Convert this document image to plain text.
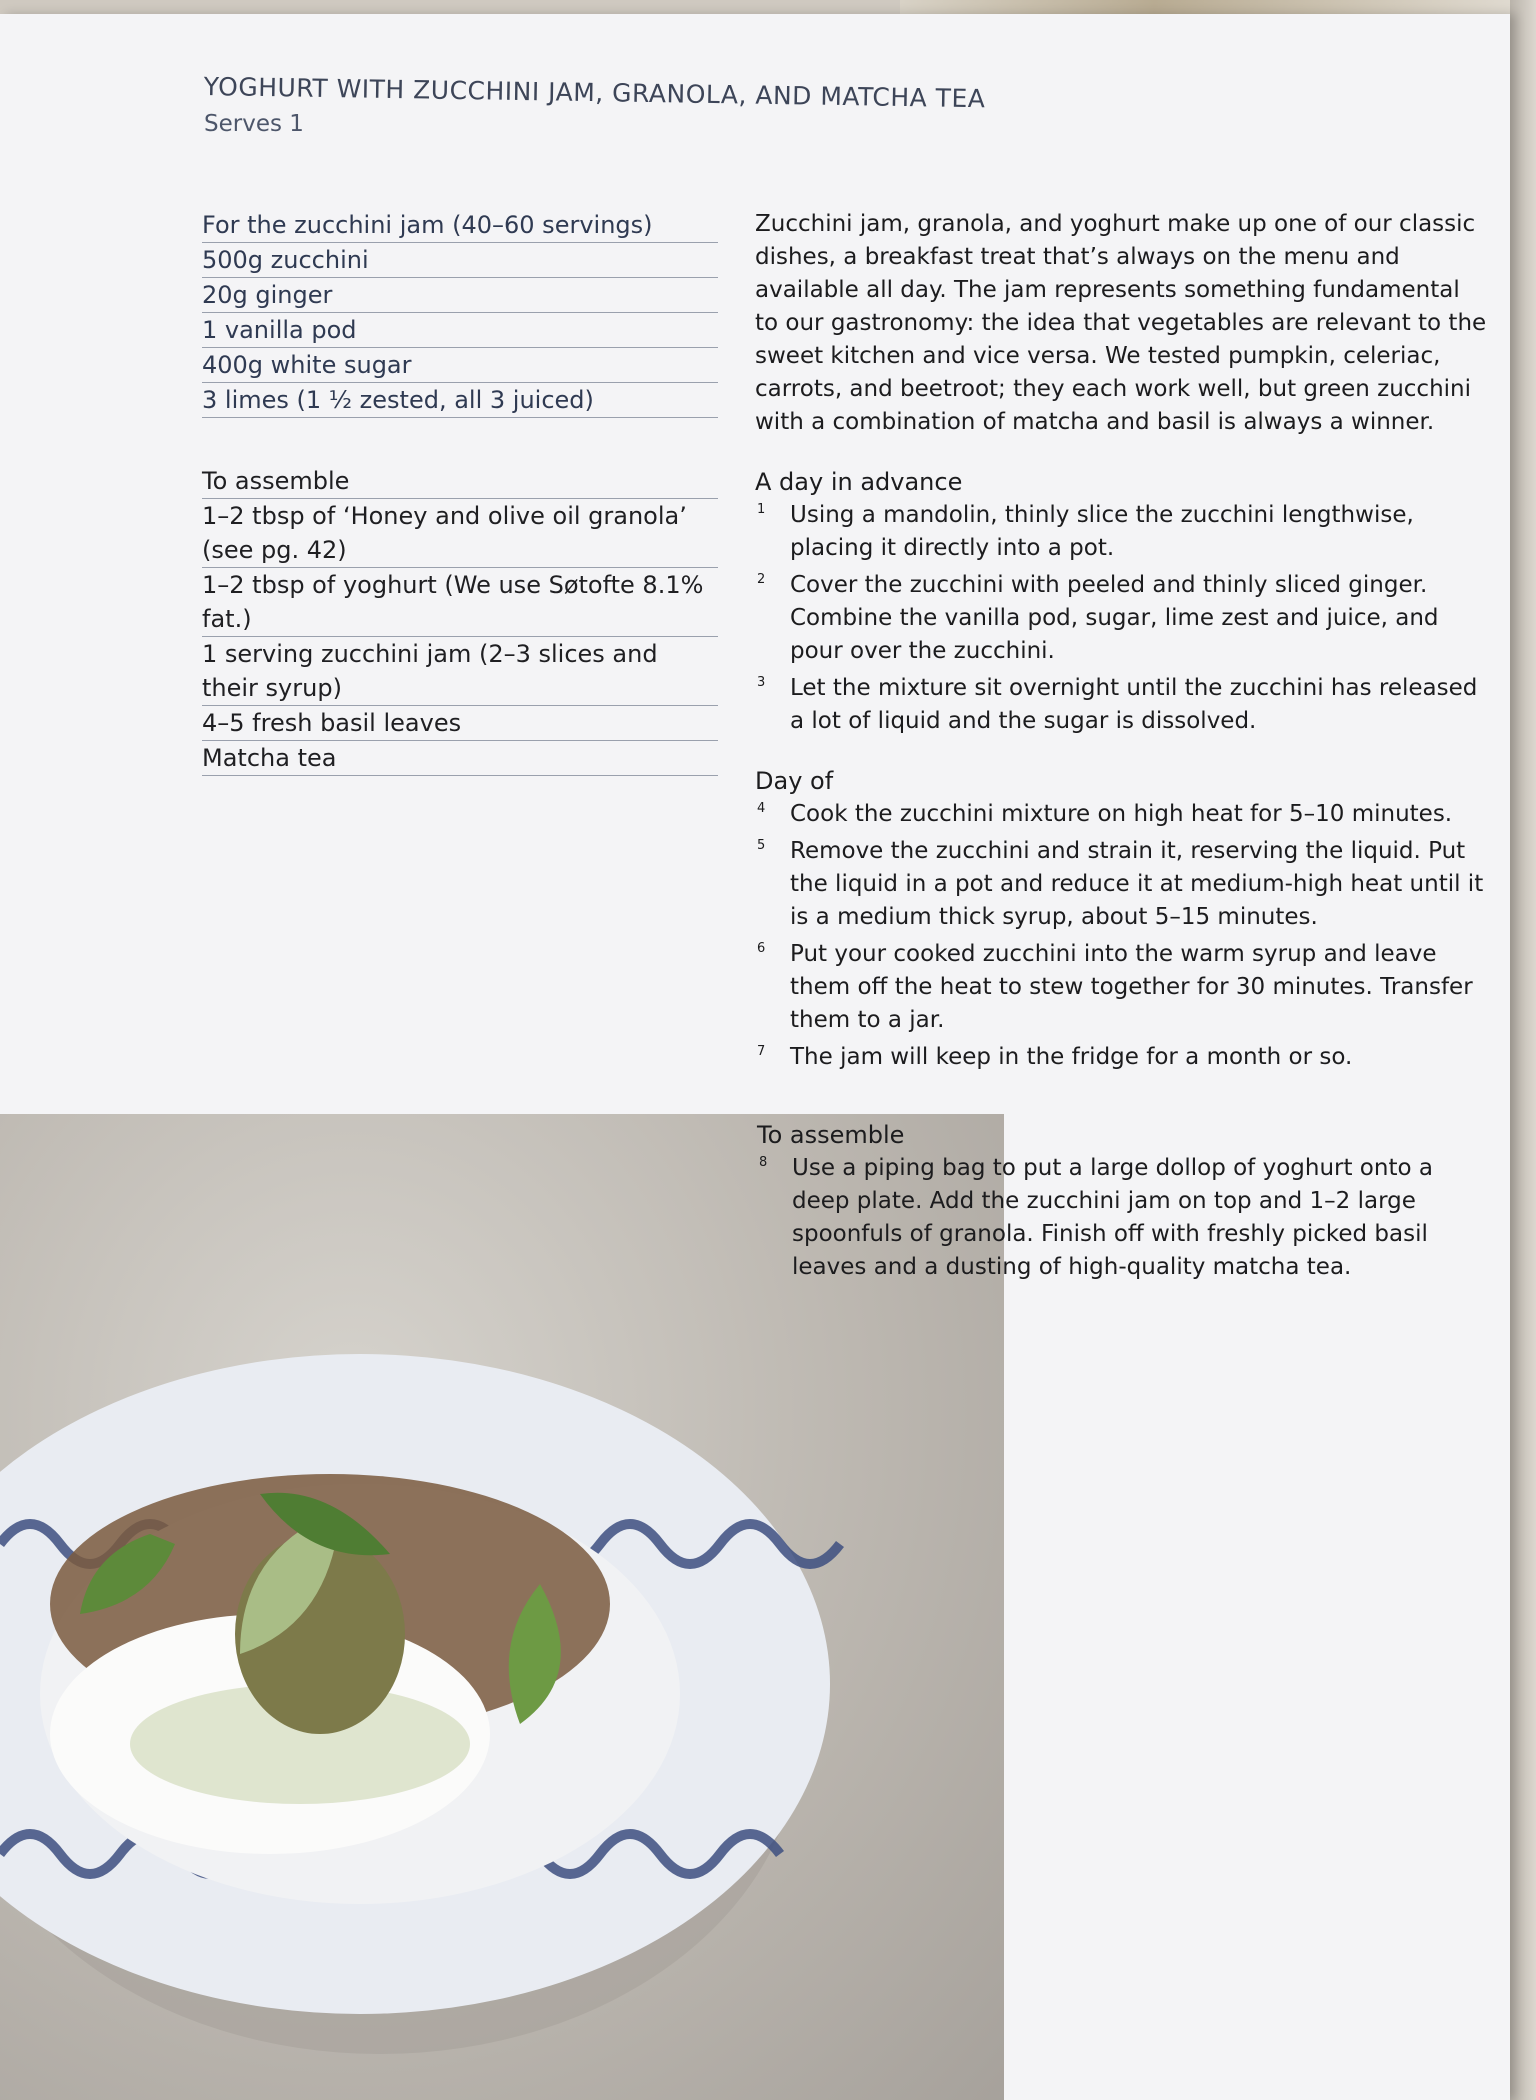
YOGHURT WITH ZUCCHINI JAM, GRANOLA, AND MATCHA TEA
Serves 1
For the zucchini jam (40–60 servings)
500g zucchini
20g ginger
1 vanilla pod
400g white sugar
3 limes (1 ½ zested, all 3 juiced)
To assemble
1–2 tbsp of ‘Honey and olive oil granola’ (see pg. 42)
1–2 tbsp of yoghurt (We use Søtofte 8.1% fat.)
1 serving zucchini jam (2–3 slices and their syrup)
4–5 fresh basil leaves
Matcha tea

Zucchini jam, granola, and yoghurt make up one of our classic dishes, a breakfast treat that’s always on the menu and available all day. The jam represents something fundamental to our gastronomy: the idea that vegetables are relevant to the sweet kitchen and vice versa. We tested pumpkin, celeriac, carrots, and beetroot; they each work well, but green zucchini with a combination of matcha and basil is always a winner.

A day in advance
1 Using a mandolin, thinly slice the zucchini lengthwise, placing it directly into a pot.
2 Cover the zucchini with peeled and thinly sliced ginger. Combine the vanilla pod, sugar, lime zest and juice, and pour over the zucchini.
3 Let the mixture sit overnight until the zucchini has released a lot of liquid and the sugar is dissolved.
Day of
4 Cook the zucchini mixture on high heat for 5–10 minutes.
5 Remove the zucchini and strain it, reserving the liquid. Put the liquid in a pot and reduce it at medium-high heat until it is a medium thick syrup, about 5–15 minutes.
6 Put your cooked zucchini into the warm syrup and leave them off the heat to stew together for 30 minutes. Transfer them to a jar.
7 The jam will keep in the fridge for a month or so.
To assemble
8 Use a piping bag to put a large dollop of yoghurt onto a deep plate. Add the zucchini jam on top and 1–2 large spoonfuls of granola. Finish off with freshly picked basil leaves and a dusting of high-quality matcha tea.
